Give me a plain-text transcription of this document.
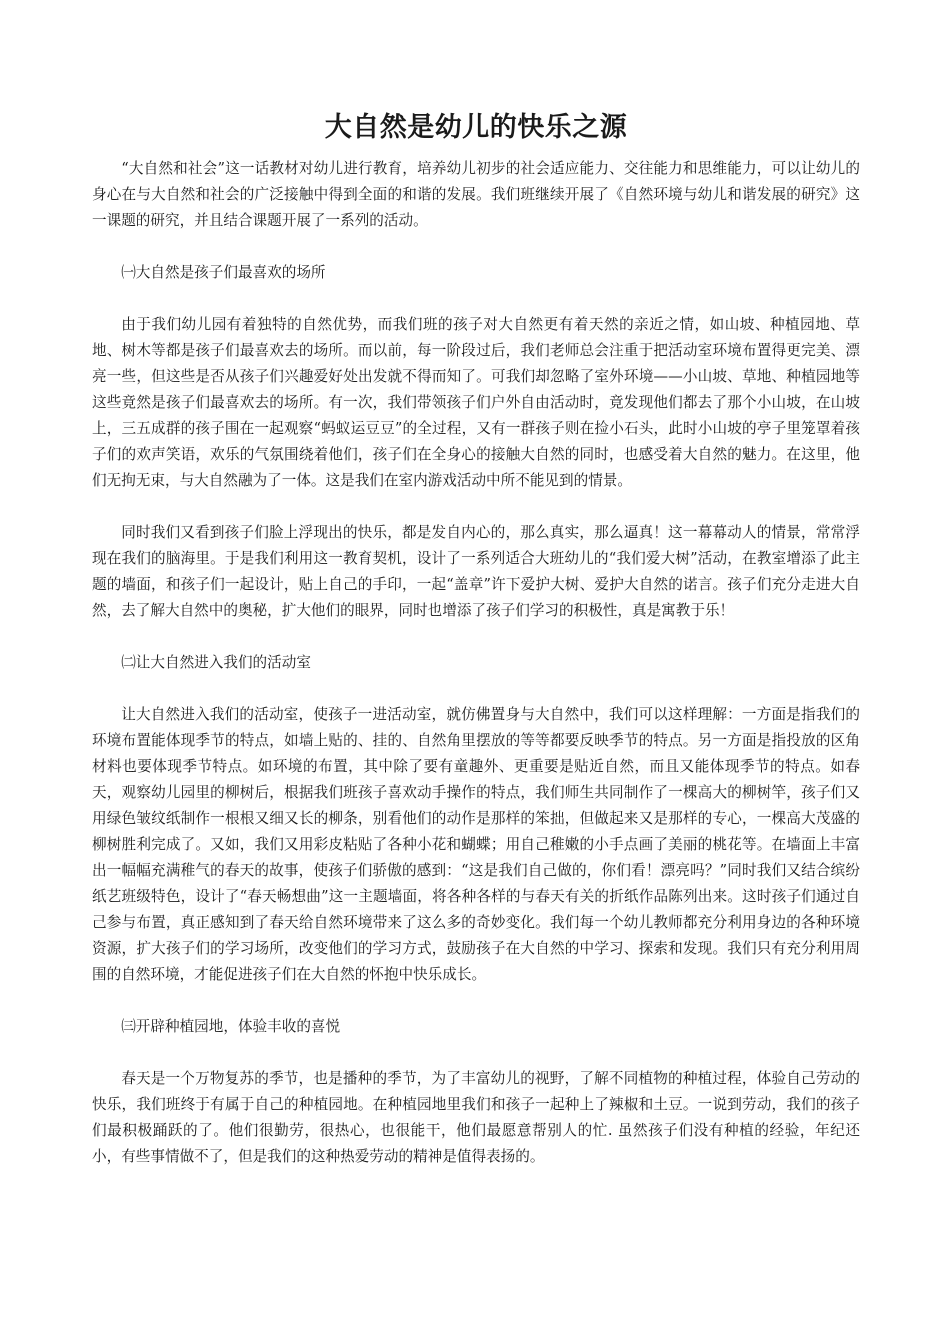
大自然是幼儿的快乐之源

“大自然和社会”这一话教材对幼儿进行教育，培养幼儿初步的社会适应能力、交往能力和思维能力，可以让幼儿的身心在与大自然和社会的广泛接触中得到全面的和谐的发展。我们班继续开展了《自然环境与幼儿和谐发展的研究》这一课题的研究，并且结合课题开展了一系列的活动。

㈠大自然是孩子们最喜欢的场所

由于我们幼儿园有着独特的自然优势，而我们班的孩子对大自然更有着天然的亲近之情，如山坡、种植园地、草地、树木等都是孩子们最喜欢去的场所。而以前，每一阶段过后，我们老师总会注重于把活动室环境布置得更完美、漂亮一些，但这些是否从孩子们兴趣爱好处出发就不得而知了。可我们却忽略了室外环境——小山坡、草地、种植园地等这些竟然是孩子们最喜欢去的场所。有一次，我们带领孩子们户外自由活动时，竟发现他们都去了那个小山坡，在山坡上，三五成群的孩子围在一起观察“蚂蚁运豆豆”的全过程，又有一群孩子则在捡小石头，此时小山坡的亭子里笼罩着孩子们的欢声笑语，欢乐的气氛围绕着他们，孩子们在全身心的接触大自然的同时，也感受着大自然的魅力。在这里，他们无拘无束，与大自然融为了一体。这是我们在室内游戏活动中所不能见到的情景。

同时我们又看到孩子们脸上浮现出的快乐，都是发自内心的，那么真实，那么逼真！这一幕幕动人的情景，常常浮现在我们的脑海里。于是我们利用这一教育契机，设计了一系列适合大班幼儿的“我们爱大树”活动，在教室增添了此主题的墙面，和孩子们一起设计，贴上自己的手印，一起“盖章”许下爱护大树、爱护大自然的诺言。孩子们充分走进大自然，去了解大自然中的奥秘，扩大他们的眼界，同时也增添了孩子们学习的积极性，真是寓教于乐！

㈡让大自然进入我们的活动室

让大自然进入我们的活动室，使孩子一进活动室，就仿佛置身与大自然中，我们可以这样理解：一方面是指我们的环境布置能体现季节的特点，如墙上贴的、挂的、自然角里摆放的等等都要反映季节的特点。另一方面是指投放的区角材料也要体现季节特点。如环境的布置，其中除了要有童趣外、更重要是贴近自然，而且又能体现季节的特点。如春天，观察幼儿园里的柳树后，根据我们班孩子喜欢动手操作的特点，我们师生共同制作了一棵高大的柳树竿，孩子们又用绿色皱纹纸制作一根根又细又长的柳条，别看他们的动作是那样的笨拙，但做起来又是那样的专心，一棵高大茂盛的柳树胜利完成了。又如，我们又用彩皮粘贴了各种小花和蝴蝶；用自己稚嫩的小手点画了美丽的桃花等。在墙面上丰富出一幅幅充满稚气的春天的故事，使孩子们骄傲的感到：“这是我们自己做的，你们看！漂亮吗？”同时我们又结合缤纷纸艺班级特色，设计了“春天畅想曲”这一主题墙面，将各种各样的与春天有关的折纸作品陈列出来。这时孩子们通过自己参与布置，真正感知到了春天给自然环境带来了这么多的奇妙变化。我们每一个幼儿教师都充分利用身边的各种环境资源，扩大孩子们的学习场所，改变他们的学习方式，鼓励孩子在大自然的中学习、探索和发现。我们只有充分利用周围的自然环境，才能促进孩子们在大自然的怀抱中快乐成长。

㈢开辟种植园地，体验丰收的喜悦

春天是一个万物复苏的季节，也是播种的季节，为了丰富幼儿的视野，了解不同植物的种植过程，体验自己劳动的快乐，我们班终于有属于自己的种植园地。在种植园地里我们和孩子一起种上了辣椒和土豆。一说到劳动，我们的孩子们最积极踊跃的了。他们很勤劳，很热心，也很能干，他们最愿意帮别人的忙. 虽然孩子们没有种植的经验，年纪还小，有些事情做不了，但是我们的这种热爱劳动的精神是值得表扬的。
